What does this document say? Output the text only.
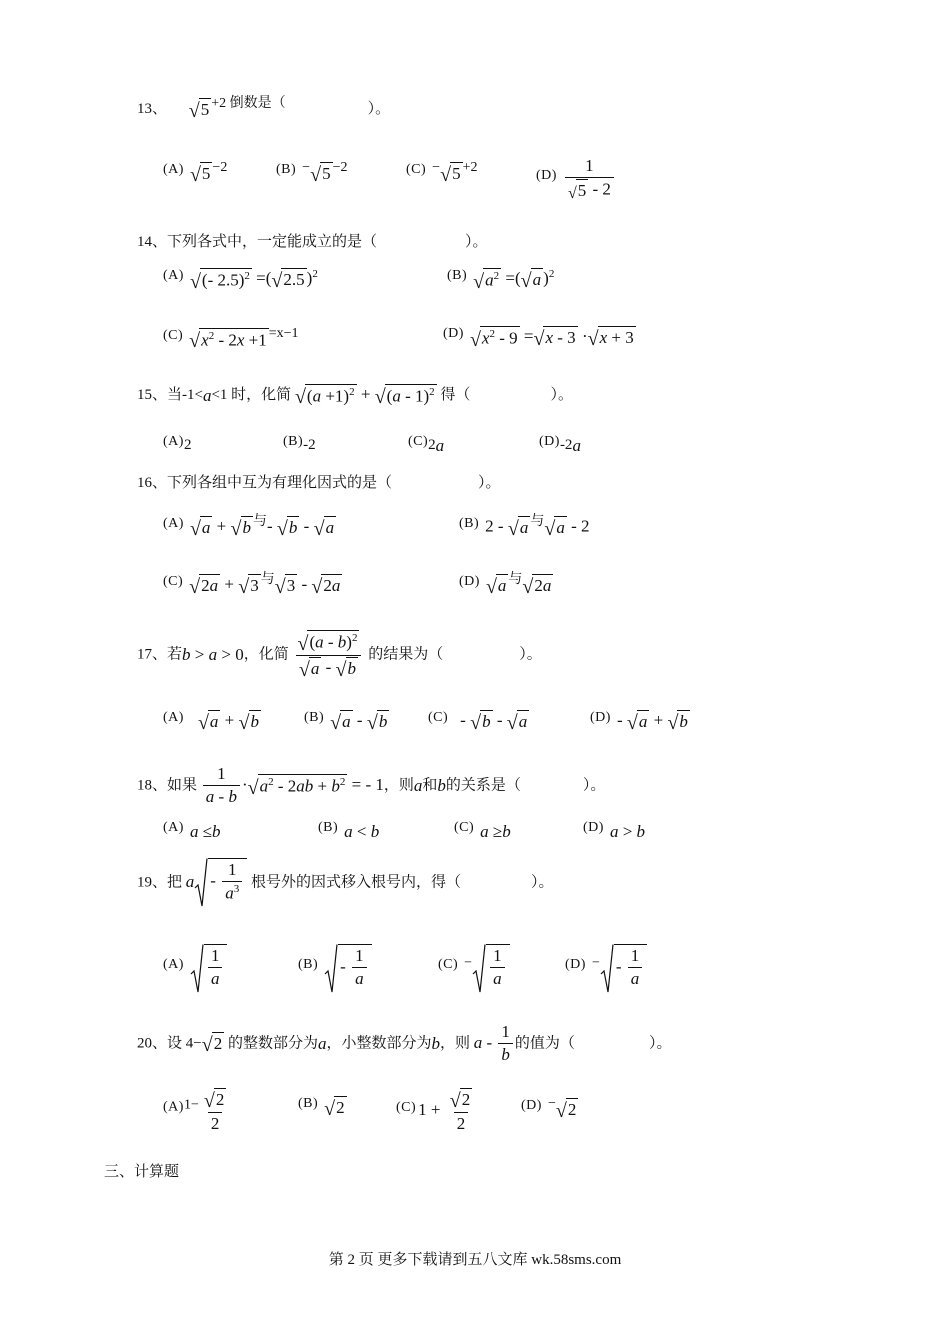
13、 √5 +2 倒数是（	）。
(A) √5 −2	(B) −√5 −2	(C) −√5 +2
$(D) \frac{1}{√5 - 2}$
14、下列各式中，一定能成立的是（	）。
(A) √(- 2.5)$^2$ =(√2.5 )$^2$	(B) $√a^2 =(√a$ )$^2$
(C) $√x^2 - 2x +1 =x-1$	(D) $√x^2 - 9 =√x - 3 \cdot√x + 3$
15、当-1<a<1 时，化简 $√(a +1)^2 + √(a - 1)^2$ 得（	）。
(A)2	(B)-2	(C)2a	(D)-2a
16、下列各组中互为有理化因式的是（	）。
(A) √a + √b 与- √b - √a	(B) 2 - √a 与√a - 2
(C) √2a + √3 与√3 - √2a	(D) √a 与√2a
17、若b > a > 0，化简 $\frac{√(a - b)^2}{√a - √b}$ 的结果为（	）。
(A) √a + √b	(B) √a - √b	(C) - √b - √a	(D) - √a + √b
18、如果 $\frac{1}{a - b} \cdot√a^2 - 2ab + b^2$ = - 1，则a和b的关系是（	）。
(A) a ≤b	(B) a < b	(C) a ≥b	(D) a > b
19、把 a - $\frac{1}{a^3}$ 根号外的因式移入根号内，得（	）。
$(A) \frac{1}{a}$	$(B) - \frac{1}{a}$	$(C) - \frac{1}{a}$	(D) − - $\frac{1}{a}$
20、设 4−√2 的整数部分为a，小整数部分为b，则 a - $\frac{1}{b}$ 的值为（	）。
$(A)1- \frac{√2}{2}$	(B) √2	(C) $1 + \frac{√2}{2}$	(D) −√2
三、计算题
第 2 页 更多下载请到五八文库 wk.58sms.com
